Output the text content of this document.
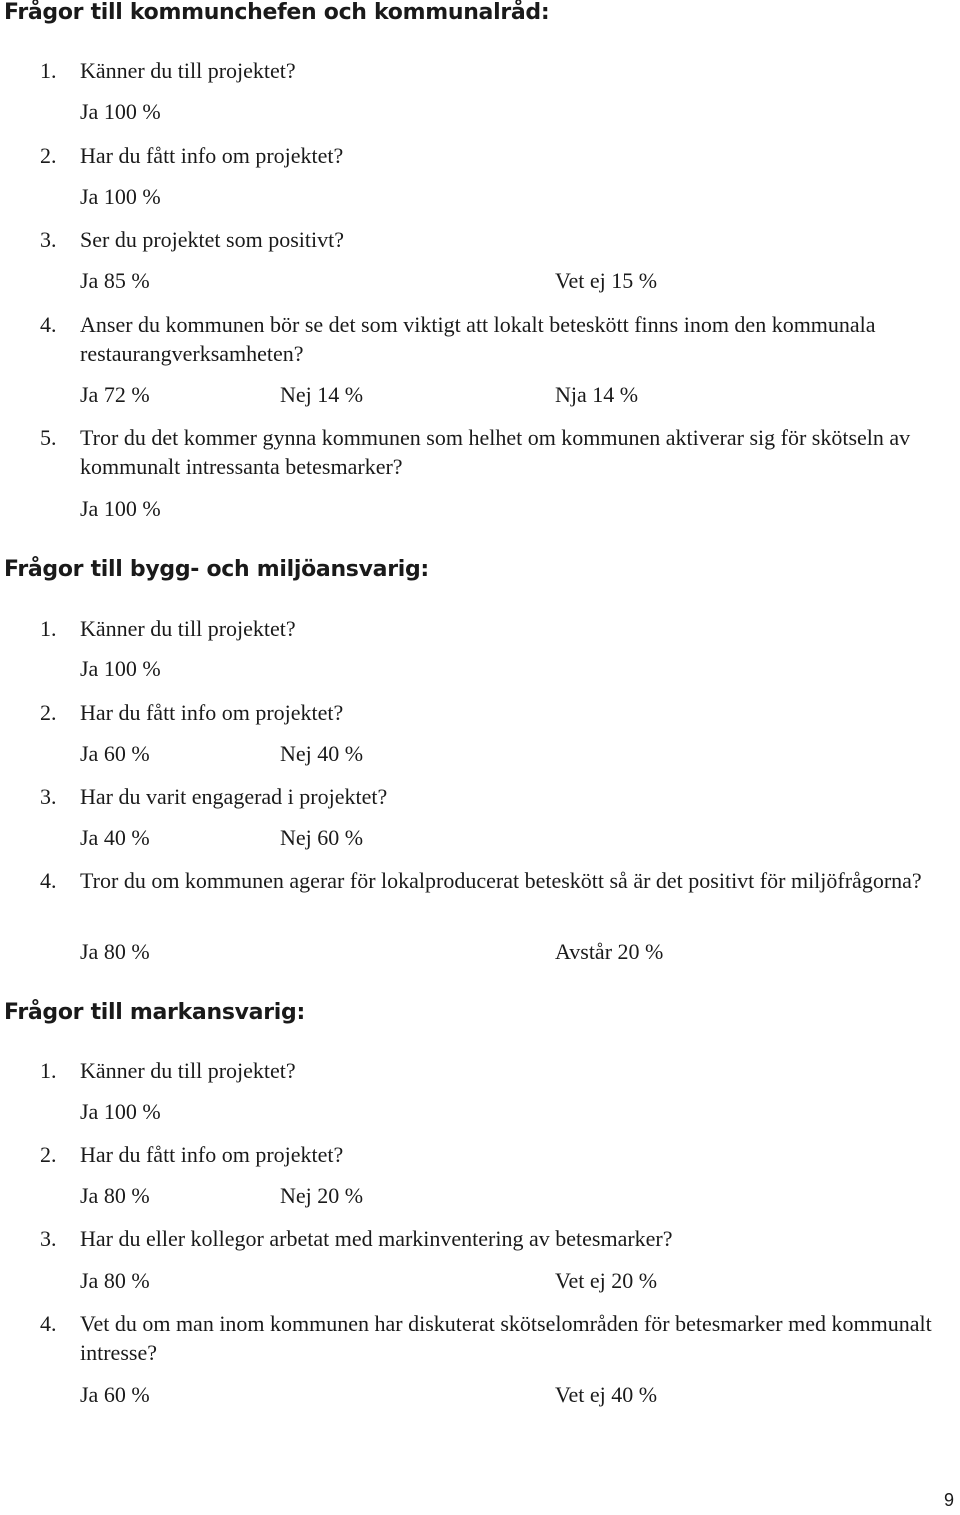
Frågor till kommunchefen och kommunalråd:
1. Känner du till projektet?
Ja 100 %
2. Har du fått info om projektet?
Ja 100 %
3. Ser du projektet som positivt?
Ja 85 %	Vet ej 15 %
4. Anser du kommunen bör se det som viktigt att lokalt beteskött finns inom den kommunala restaurangverksamheten?
Ja 72 %	Nej 14 %	Nja 14 %
5. Tror du det kommer gynna kommunen som helhet om kommunen aktiverar sig för skötseln av kommunalt intressanta betesmarker?
Ja 100 %
Frågor till bygg- och miljöansvarig:
1. Känner du till projektet?
Ja 100 %
2. Har du fått info om projektet?
Ja 60 %	Nej 40 %
3. Har du varit engagerad i projektet?
Ja 40 %	Nej 60 %
4. Tror du om kommunen agerar för lokalproducerat beteskött så är det positivt för miljöfrågorna?
Ja 80 %	Avstår 20 %
Frågor till markansvarig:
1. Känner du till projektet?
Ja 100 %
2. Har du fått info om projektet?
Ja 80 %	Nej 20 %
3. Har du eller kollegor arbetat med markinventering av betesmarker?
Ja 80 %	Vet ej 20 %
4. Vet du om man inom kommunen har diskuterat skötselområden för betesmarker med kommunalt intresse?
Ja 60 %	Vet ej 40 %
9
